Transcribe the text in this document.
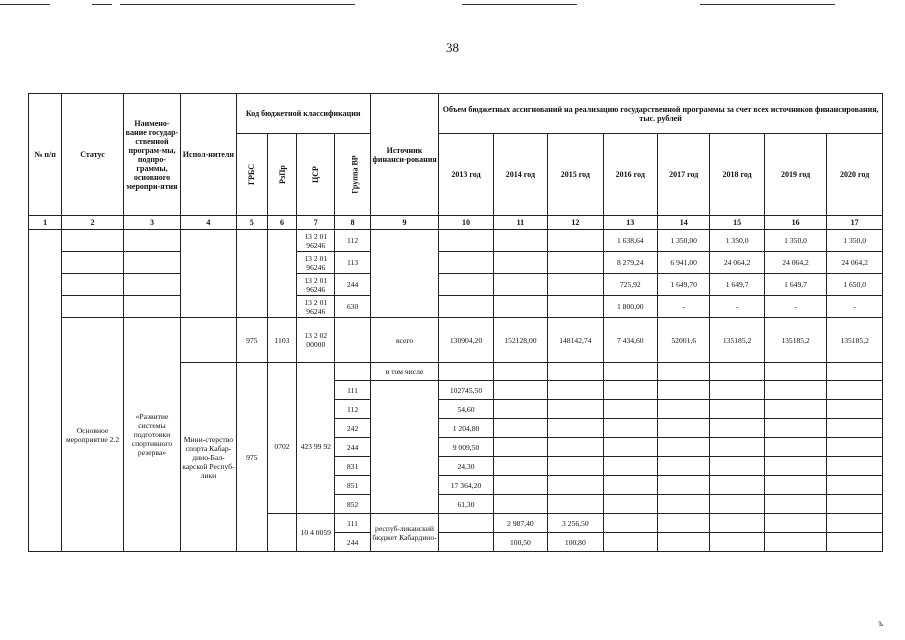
38
№ п/п	Статус	Наимено-вание государ-ственной програм-мы, подпро-граммы, основного меропри-ятия	Испол-нители	Код бюджетной классификации				Источник финанси-рования	Объем бюджетных ассигнований на реализацию государственной программы за счет всех источников финансирования, тыс. рублей							
				ГРБС	РзПр	ЦСР	Группа ВР		2013 год	2014 год	2015 год	2016 год	2017 год	2018 год	2019 год	2020 год
1	2	3	4	5	6	7	8	9	10	11	12	13	14	15	16	17
						13 2 01 96246	112					1 638,64	1 350,00	1 350,0	1 350,0	1 350,0
						13 2 01 96246	113					8 279,24	6 941,00	24 064,2	24 064,2	24 064,2
						13 2 01 96246	244					725,92	1 649,70	1 649,7	1 649,7	1 650,0
						13 2 01 96246	630					1 800,00	-	-	-	-
	Основное мероприятие 2.2	«Развитие системы подготовки спортивного резерва»		975	1103	13 2 02 00000		всего	130904,20	152128,00	148142,74	7 434,60	52001,6	135185,2	135185,2	135185,2
			Мини-стерство спорта Кабар-дино-Бал-карской Респуб-лики	975				в том числе								
					0702	423 99 92	111		102745,50							
							112		54,60							
							242		1 204,80							
							244		9 009,50							
							831		24,30							
							851		17 364,20							
							852		61,30							
						10 4 0059	111	респуб-ликанский бюджет Кабардино-		2 987,40	3 256,50					
							244			100,50	100,80					
ъ
